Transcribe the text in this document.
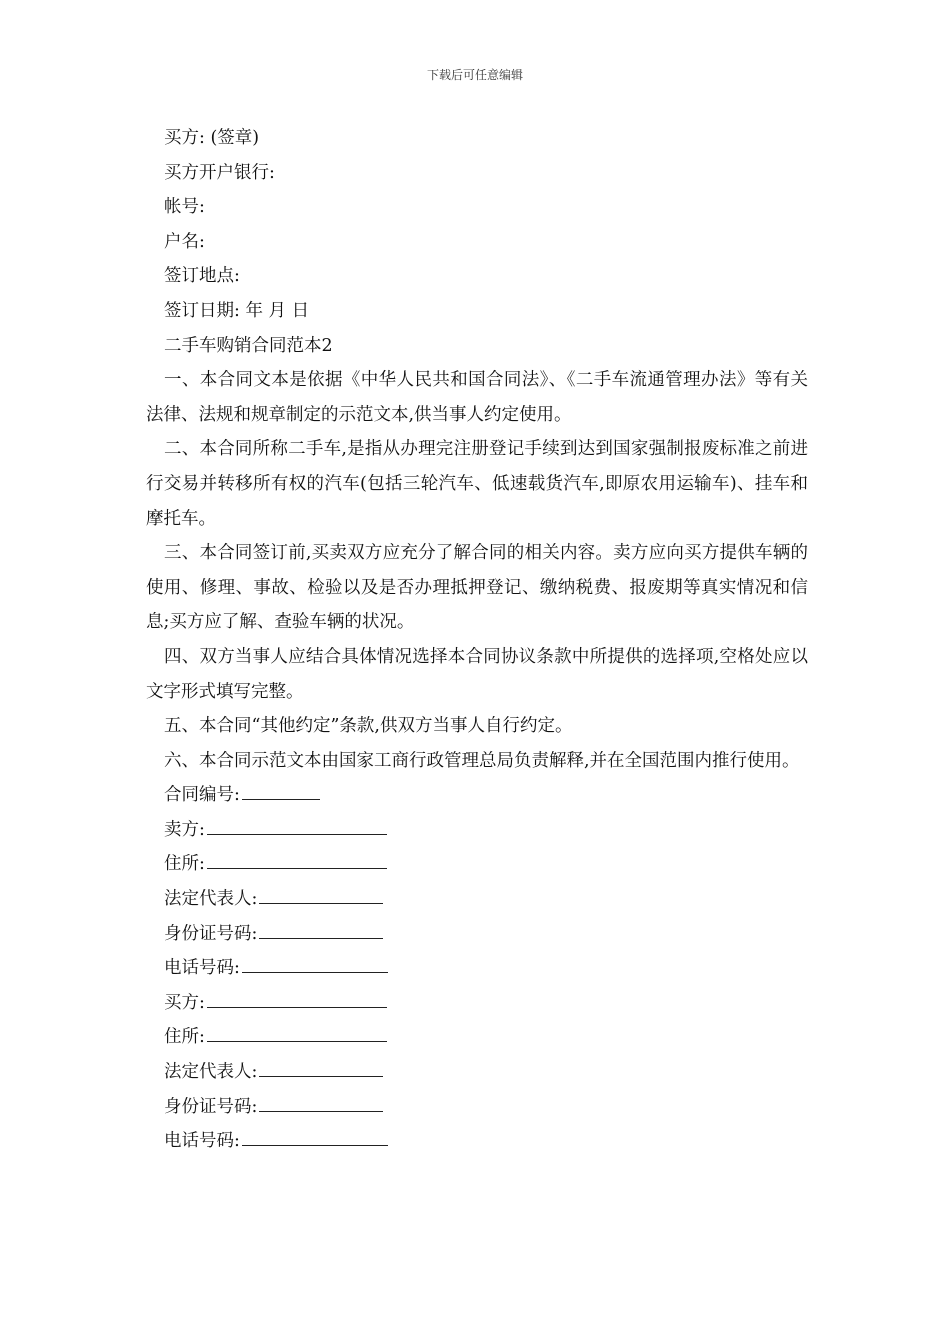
下载后可任意编辑
买方: (签章)
买方开户银行:
帐号:
户名:
签订地点:
签订日期: 年 月 日
二手车购销合同范本2

一、本合同文本是依据《中华人民共和国合同法》、《二手车流通管理办法》等有关法律、法规和规章制定的示范文本,供当事人约定使用。

二、本合同所称二手车,是指从办理完注册登记手续到达到国家强制报废标准之前进行交易并转移所有权的汽车(包括三轮汽车、低速载货汽车,即原农用运输车)、挂车和摩托车。

三、本合同签订前,买卖双方应充分了解合同的相关内容。卖方应向买方提供车辆的使用、修理、事故、检验以及是否办理抵押登记、缴纳税费、报废期等真实情况和信息;买方应了解、查验车辆的状况。

四、双方当事人应结合具体情况选择本合同协议条款中所提供的选择项,空格处应以文字形式填写完整。

五、本合同“其他约定”条款,供双方当事人自行约定。

六、本合同示范文本由国家工商行政管理总局负责解释,并在全国范围内推行使用。

合同编号:
卖方:
住所:
法定代表人:
身份证号码:
电话号码:
买方:
住所:
法定代表人:
身份证号码:
电话号码:
